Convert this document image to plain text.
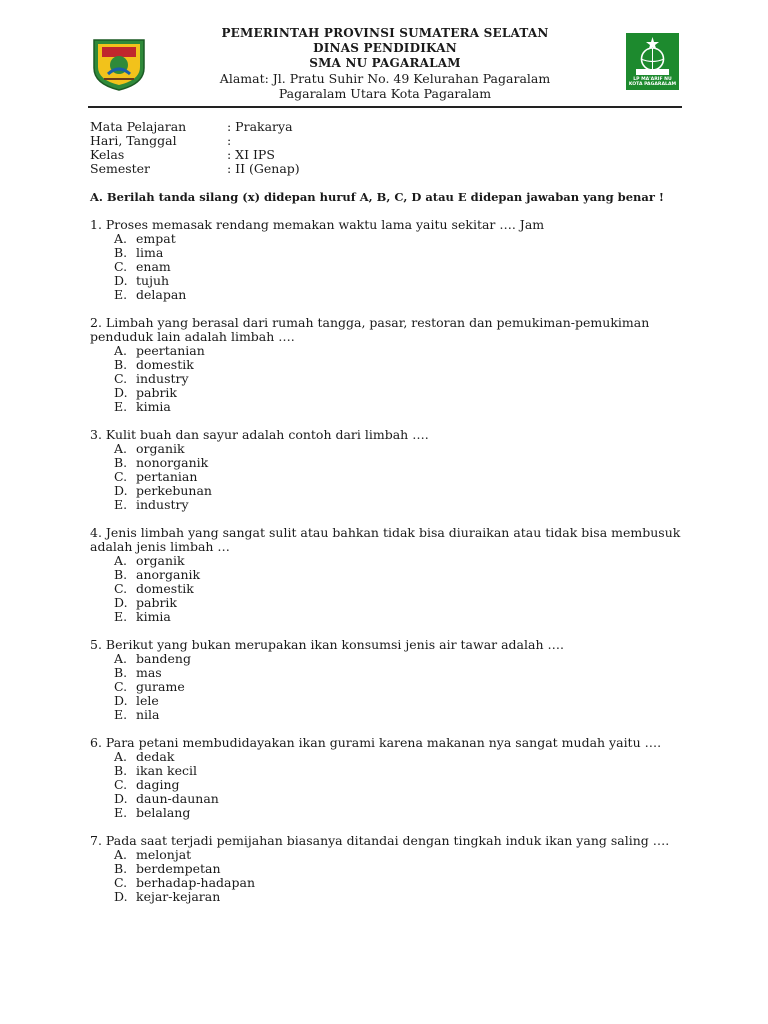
PEMERINTAH PROVINSI SUMATERA SELATAN
DINAS PENDIDIKAN
SMA NU PAGARALAM
Alamat: Jl. Pratu Suhir No. 49 Kelurahan Pagaralam
Pagaralam Utara Kota Pagaralam
LP MA'ARIF NU KOTA PAGARALAM
Mata Pelajaran	: Prakarya
Hari, Tanggal	:
Kelas	: XI IPS
Semester	: II (Genap)
A. Berilah tanda silang (x) didepan huruf A, B, C, D atau E didepan jawaban yang benar !
1. Proses memasak rendang memakan waktu lama yaitu sekitar …. Jam
A. empat
B. lima
C. enam
D. tujuh
E. delapan
2. Limbah yang berasal dari rumah tangga, pasar, restoran dan pemukiman-pemukiman penduduk lain adalah limbah ….
A. peertanian
B. domestik
C. industry
D. pabrik
E. kimia
3. Kulit buah dan sayur adalah contoh dari limbah ….
A. organik
B. nonorganik
C. pertanian
D. perkebunan
E. industry
4. Jenis limbah yang sangat sulit atau bahkan tidak bisa diuraikan atau tidak bisa membusuk adalah jenis limbah …
A. organik
B. anorganik
C. domestik
D. pabrik
E. kimia
5. Berikut yang bukan merupakan ikan konsumsi jenis air tawar adalah ….
A. bandeng
B. mas
C. gurame
D. lele
E. nila
6. Para petani membudidayakan ikan gurami karena makanan nya sangat mudah yaitu ….
A. dedak
B. ikan kecil
C. daging
D. daun-daunan
E. belalang
7. Pada saat terjadi pemijahan biasanya ditandai dengan tingkah induk ikan yang saling ….
A. melonjat
B. berdempetan
C. berhadap-hadapan
D. kejar-kejaran
